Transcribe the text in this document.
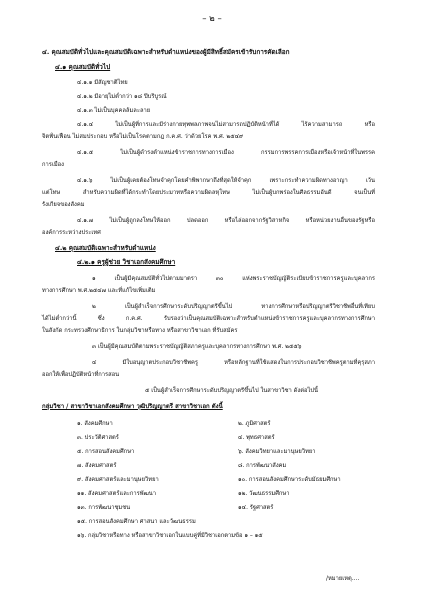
– ๒ –
๔. คุณสมบัติทั่วไปและคุณสมบัติเฉพาะสำหรับตำแหน่งของผู้มีสิทธิ์สมัครเข้ารับการคัดเลือก
๔.๑ คุณสมบัติทั่วไป
๔.๑.๑ มีสัญชาติไทย
๔.๑.๒ มีอายุไม่ต่ำกว่า ๑๘ ปีบริบูรณ์
๔.๑.๓ ไม่เป็นบุคคลล้มละลาย
๔.๑.๔ ไม่เป็นผู้ที่การและมีร่างกายทุพพลภาพจนไม่สามารถปฏิบัติหน้าที่ได้ ไร้ความสามารถ หรือ
จิตฟั่นเฟือน ไม่สมประกอบ หรือไม่เป็นโรคตามกฎ ก.ค.ศ. ว่าด้วยโรค พ.ศ. ๒๕๔๙
๔.๑.๕ ไม่เป็นผู้ดำรงตำแหน่งข้าราชการทางการเมือง กรรมการพรรคการเมืองหรือเจ้าหน้าที่ในพรรค
การเมือง
๔.๑.๖ ไม่เป็นผู้เคยต้องโทษจำคุกโดยคำพิพากษาถึงที่สุดให้จำคุก เพราะกระทำความผิดทางอาญา เว้น
แต่โทษ สำหรับความผิดที่ได้กระทำโดยประมาทหรือความผิดลหุโทษ ไม่เป็นผู้บกพร่องในศีลธรรมอันดี จนเป็นที่
รังเกียจของสังคม
๔.๑.๗ ไม่เป็นผู้ถูกลงโทษให้ออก ปลดออก หรือไล่ออกจากรัฐวิสาหกิจ หรือหน่วยงานอื่นของรัฐหรือ
องค์การระหว่างประเทศ
๔.๒ คุณสมบัติเฉพาะสำหรับตำแหน่ง
๔.๒.๑ ครูผู้ช่วย วิชาเอกสังคมศึกษา
๑ เป็นผู้มีคุณสมบัติทั่วไปตามมาตรา ๓๐ แห่งพระราชบัญญัติระเบียบข้าราชการครูและบุคลากร
ทางการศึกษา พ.ศ.๒๕๔๗ และที่แก้ไขเพิ่มเติม
๒ เป็นผู้สำเร็จการศึกษาระดับปริญญาตรีขึ้นไป ทางการศึกษาหรือปริญญาตรีวิชาชีพอื่นที่เทียบ
ได้ไม่ต่ำกว่านี้ ซึ่ง ก.ค.ศ. รับรองว่าเป็นคุณสมบัติเฉพาะสำหรับตำแหน่งข้าราชการครูและบุคลากรทางการศึกษา
ในสังกัด กระทรวงศึกษาธิการ ในกลุ่มวิชาหรือทาง หรือสาขาวิชาเอก ที่รับสมัคร
๓ เป็นผู้มีคุณสมบัติตามพระราชบัญญัติสภาครูและบุคลากรทางการศึกษา พ.ศ. ๒๕๕๖
๔ มีใบอนุญาตประกอบวิชาชีพครู หรือหลักฐานที่ใช้แสดงในการประกอบวิชาชีพครูตามที่คุรุสภา
ออกให้เพื่อปฏิบัติหน้าที่การสอน
๕ เป็นผู้สำเร็จการศึกษาระดับปริญญาตรีขึ้นไป ในสาขาวิชา ดังต่อไปนี้
กลุ่มวิชา / สาขาวิชาเอกสังคมศึกษา วุฒิปริญญาตรี สาขาวิชาเอก ดังนี้
๑. สังคมศึกษา
๓. ประวัติศาสตร์
๕. การสอนสังคมศึกษา
๗. สังคมศาสตร์
๙. สังคมศาสตร์และมานุษยวิทยา
๑๑. สังคมศาสตร์และการพัฒนา
๑๓. การพัฒนาชุมชน
๒. ภูมิศาสตร์
๔. พุทธศาสตร์
๖. สังคมวิทยาและมานุษยวิทยา
๘. การพัฒนาสังคม
๑๐. การสอนสังคมศึกษาระดับมัธยมศึกษา
๑๒. วัฒนธรรมศึกษา
๑๔. รัฐศาสตร์
๑๕. การสอนสังคมศึกษา ศาสนา และวัฒนธรรม
๑๖. กลุ่มวิชาหรือทาง หรือสาขาวิชาเอกในแบบคู่ที่มีวิชาเอกตามข้อ ๑ – ๑๕
/หมายเหตุ....
